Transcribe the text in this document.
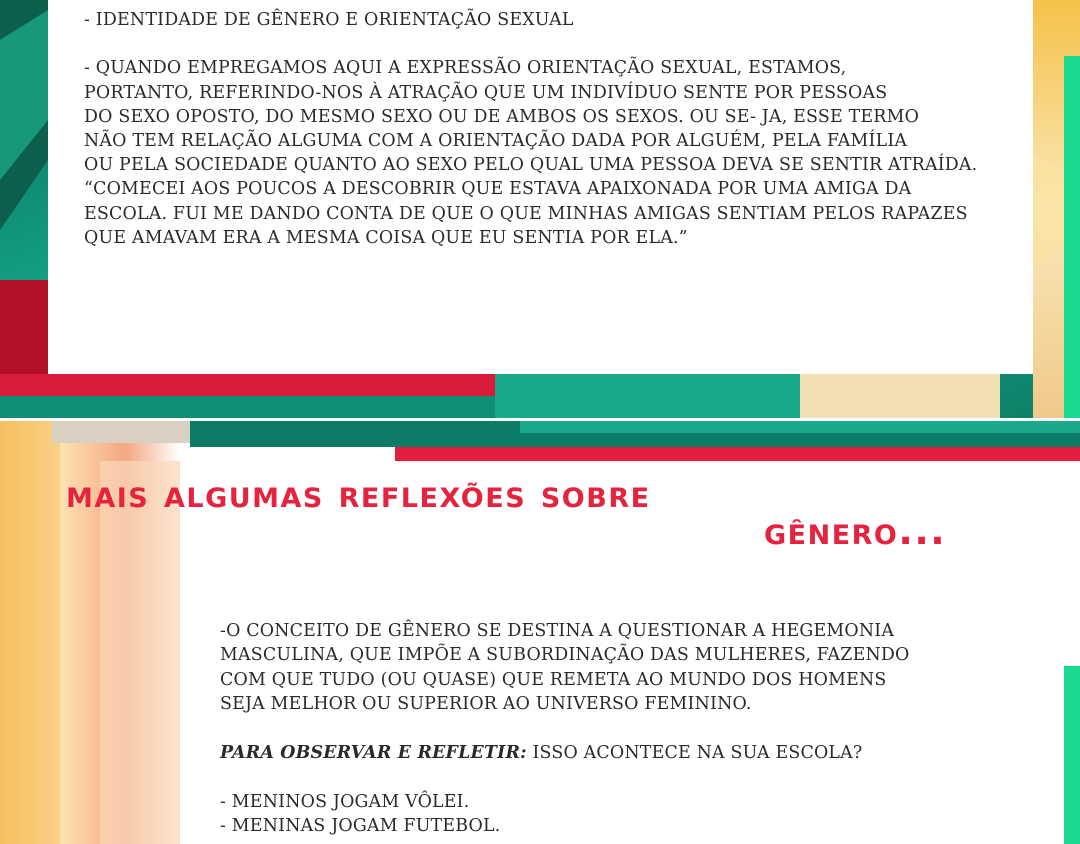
- IDENTIDADE DE GÊNERO E ORIENTAÇÃO SEXUAL

- QUANDO EMPREGAMOS AQUI A EXPRESSÃO ORIENTAÇÃO SEXUAL, ESTAMOS,

PORTANTO, REFERINDO-NOS À ATRAÇÃO QUE UM INDIVÍDUO SENTE POR PESSOAS

DO SEXO OPOSTO, DO MESMO SEXO OU DE AMBOS OS SEXOS. OU SE- JA, ESSE TERMO

NÃO TEM RELAÇÃO ALGUMA COM A ORIENTAÇÃO DADA POR ALGUÉM, PELA FAMÍLIA

OU PELA SOCIEDADE QUANTO AO SEXO PELO QUAL UMA PESSOA DEVA SE SENTIR ATRAÍDA.

“COMECEI AOS POUCOS A DESCOBRIR QUE ESTAVA APAIXONADA POR UMA AMIGA DA

ESCOLA. FUI ME DANDO CONTA DE QUE O QUE MINHAS AMIGAS SENTIAM PELOS RAPAZES

QUE AMAVAM ERA A MESMA COISA QUE EU SENTIA POR ELA.”

mais algumas reflexões sobre
gênero...

-O CONCEITO DE GÊNERO SE DESTINA A QUESTIONAR A HEGEMONIA

MASCULINA, QUE IMPÕE A SUBORDINAÇÃO DAS MULHERES, FAZENDO

COM QUE TUDO (OU QUASE) QUE REMETA AO MUNDO DOS HOMENS

SEJA MELHOR OU SUPERIOR AO UNIVERSO FEMININO.

PARA OBSERVAR E REFLETIR: ISSO ACONTECE NA SUA ESCOLA?

- MENINOS JOGAM VÔLEI.

- MENINAS JOGAM FUTEBOL.
